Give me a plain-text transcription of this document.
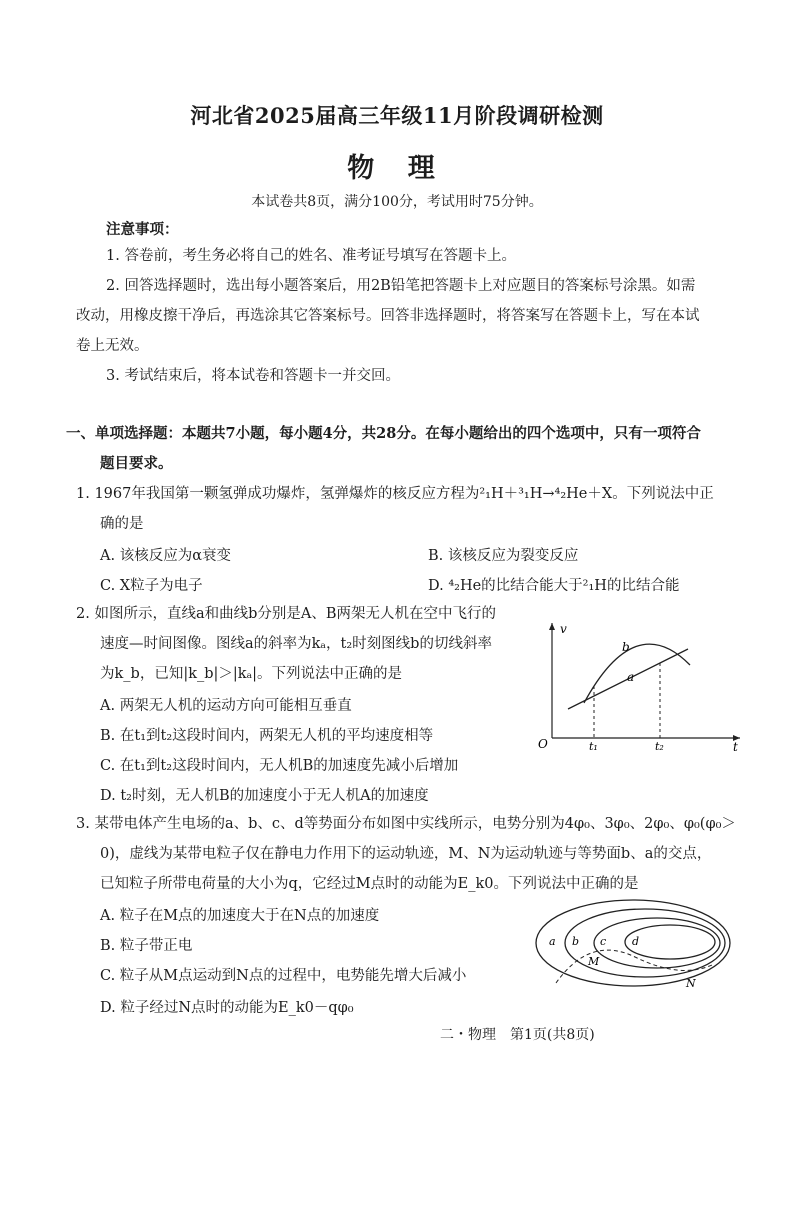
河北省2025届高三年级11月阶段调研检测
物 理
本试卷共8页，满分100分，考试用时75分钟。
注意事项：
1. 答卷前，考生务必将自己的姓名、准考证号填写在答题卡上。
2. 回答选择题时，选出每小题答案后，用2B铅笔把答题卡上对应题目的答案标号涂黑。如需
改动，用橡皮擦干净后，再选涂其它答案标号。回答非选择题时，将答案写在答题卡上，写在本试
卷上无效。
3. 考试结束后，将本试卷和答题卡一并交回。
一、单项选择题：本题共7小题，每小题4分，共28分。在每小题给出的四个选项中，只有一项符合
题目要求。
1. 1967年我国第一颗氢弹成功爆炸，氢弹爆炸的核反应方程为²₁H＋³₁H→⁴₂He＋X。下列说法中正
确的是
A. 该核反应为α衰变	B. 该核反应为裂变反应
C. X粒子为电子	D. ⁴₂He的比结合能大于²₁H的比结合能
2. 如图所示，直线a和曲线b分别是A、B两架无人机在空中飞行的
速度—时间图像。图线a的斜率为kₐ，t₂时刻图线b的切线斜率
为k_b，已知|k_b|＞|kₐ|。下列说法中正确的是
A. 两架无人机的运动方向可能相互垂直
B. 在t₁到t₂这段时间内，两架无人机的平均速度相等
C. 在t₁到t₂这段时间内，无人机B的加速度先减小后增加
D. t₂时刻，无人机B的加速度小于无人机A的加速度
O
v
t
t₁	t₂
a
b
3. 某带电体产生电场的a、b、c、d等势面分布如图中实线所示，电势分别为4φ₀、3φ₀、2φ₀、φ₀(φ₀＞
0)，虚线为某带电粒子仅在静电力作用下的运动轨迹，M、N为运动轨迹与等势面b、a的交点，
已知粒子所带电荷量的大小为q，它经过M点时的动能为E_k0。下列说法中正确的是
A. 粒子在M点的加速度大于在N点的加速度
B. 粒子带正电
C. 粒子从M点运动到N点的过程中，电势能先增大后减小
D. 粒子经过N点时的动能为E_k0－qφ₀
a b c d
M
N
二・物理　第1页(共8页)
